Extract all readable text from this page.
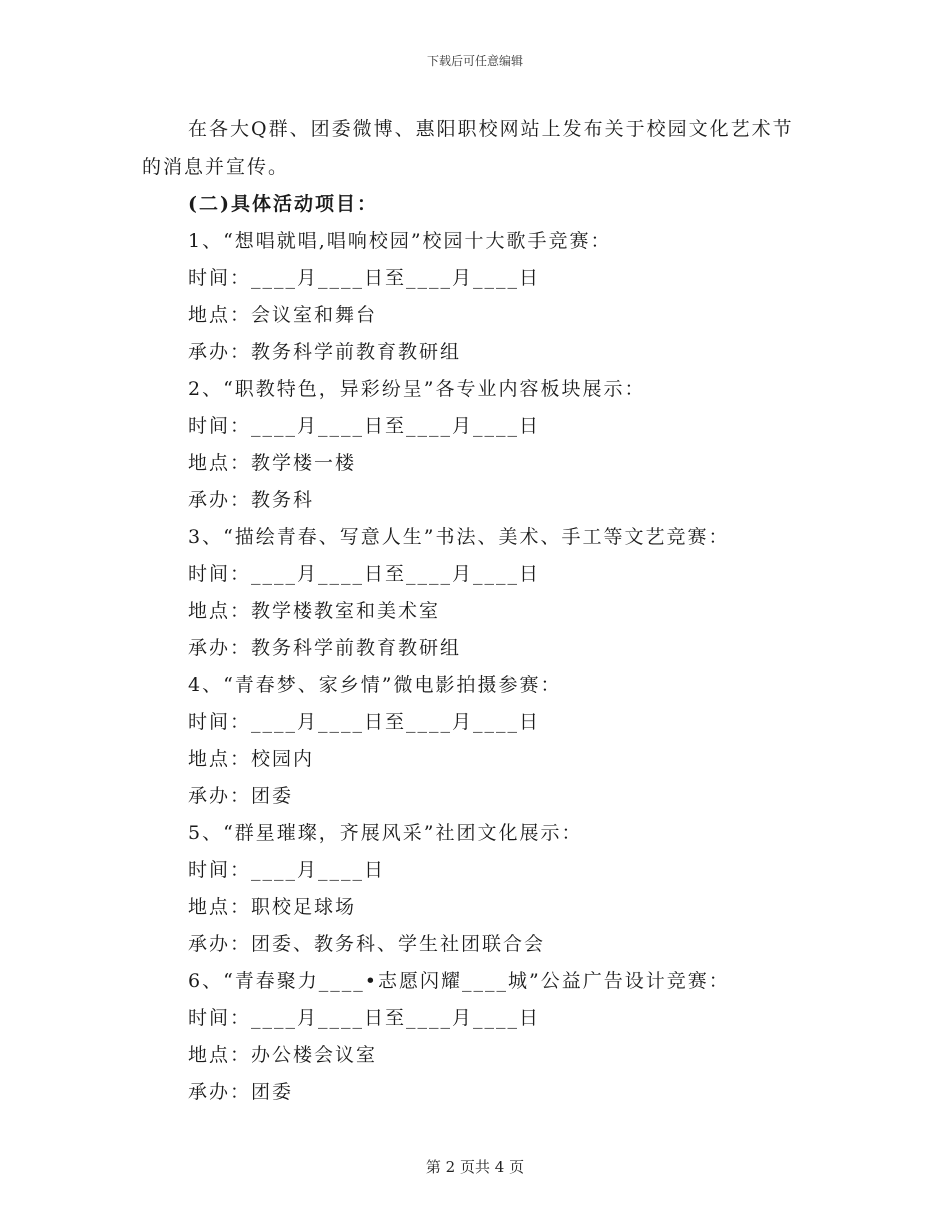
下载后可任意编辑
在各大Q群、团委微博、惠阳职校网站上发布关于校园文化艺术节的消息并宣传。
(二)具体活动项目：
1、“想唱就唱,唱响校园”校园十大歌手竞赛：
时间：____月____日至____月____日
地点：会议室和舞台
承办：教务科学前教育教研组
2、“职教特色，异彩纷呈”各专业内容板块展示：
时间：____月____日至____月____日
地点：教学楼一楼
承办：教务科
3、“描绘青春、写意人生”书法、美术、手工等文艺竞赛：
时间：____月____日至____月____日
地点：教学楼教室和美术室
承办：教务科学前教育教研组
4、“青春梦、家乡情”微电影拍摄参赛：
时间：____月____日至____月____日
地点：校园内
承办：团委
5、“群星璀璨，齐展风采”社团文化展示：
时间：____月____日
地点：职校足球场
承办：团委、教务科、学生社团联合会
6、“青春聚力____•志愿闪耀____城”公益广告设计竞赛：
时间：____月____日至____月____日
地点：办公楼会议室
承办：团委
第 2 页共 4 页
